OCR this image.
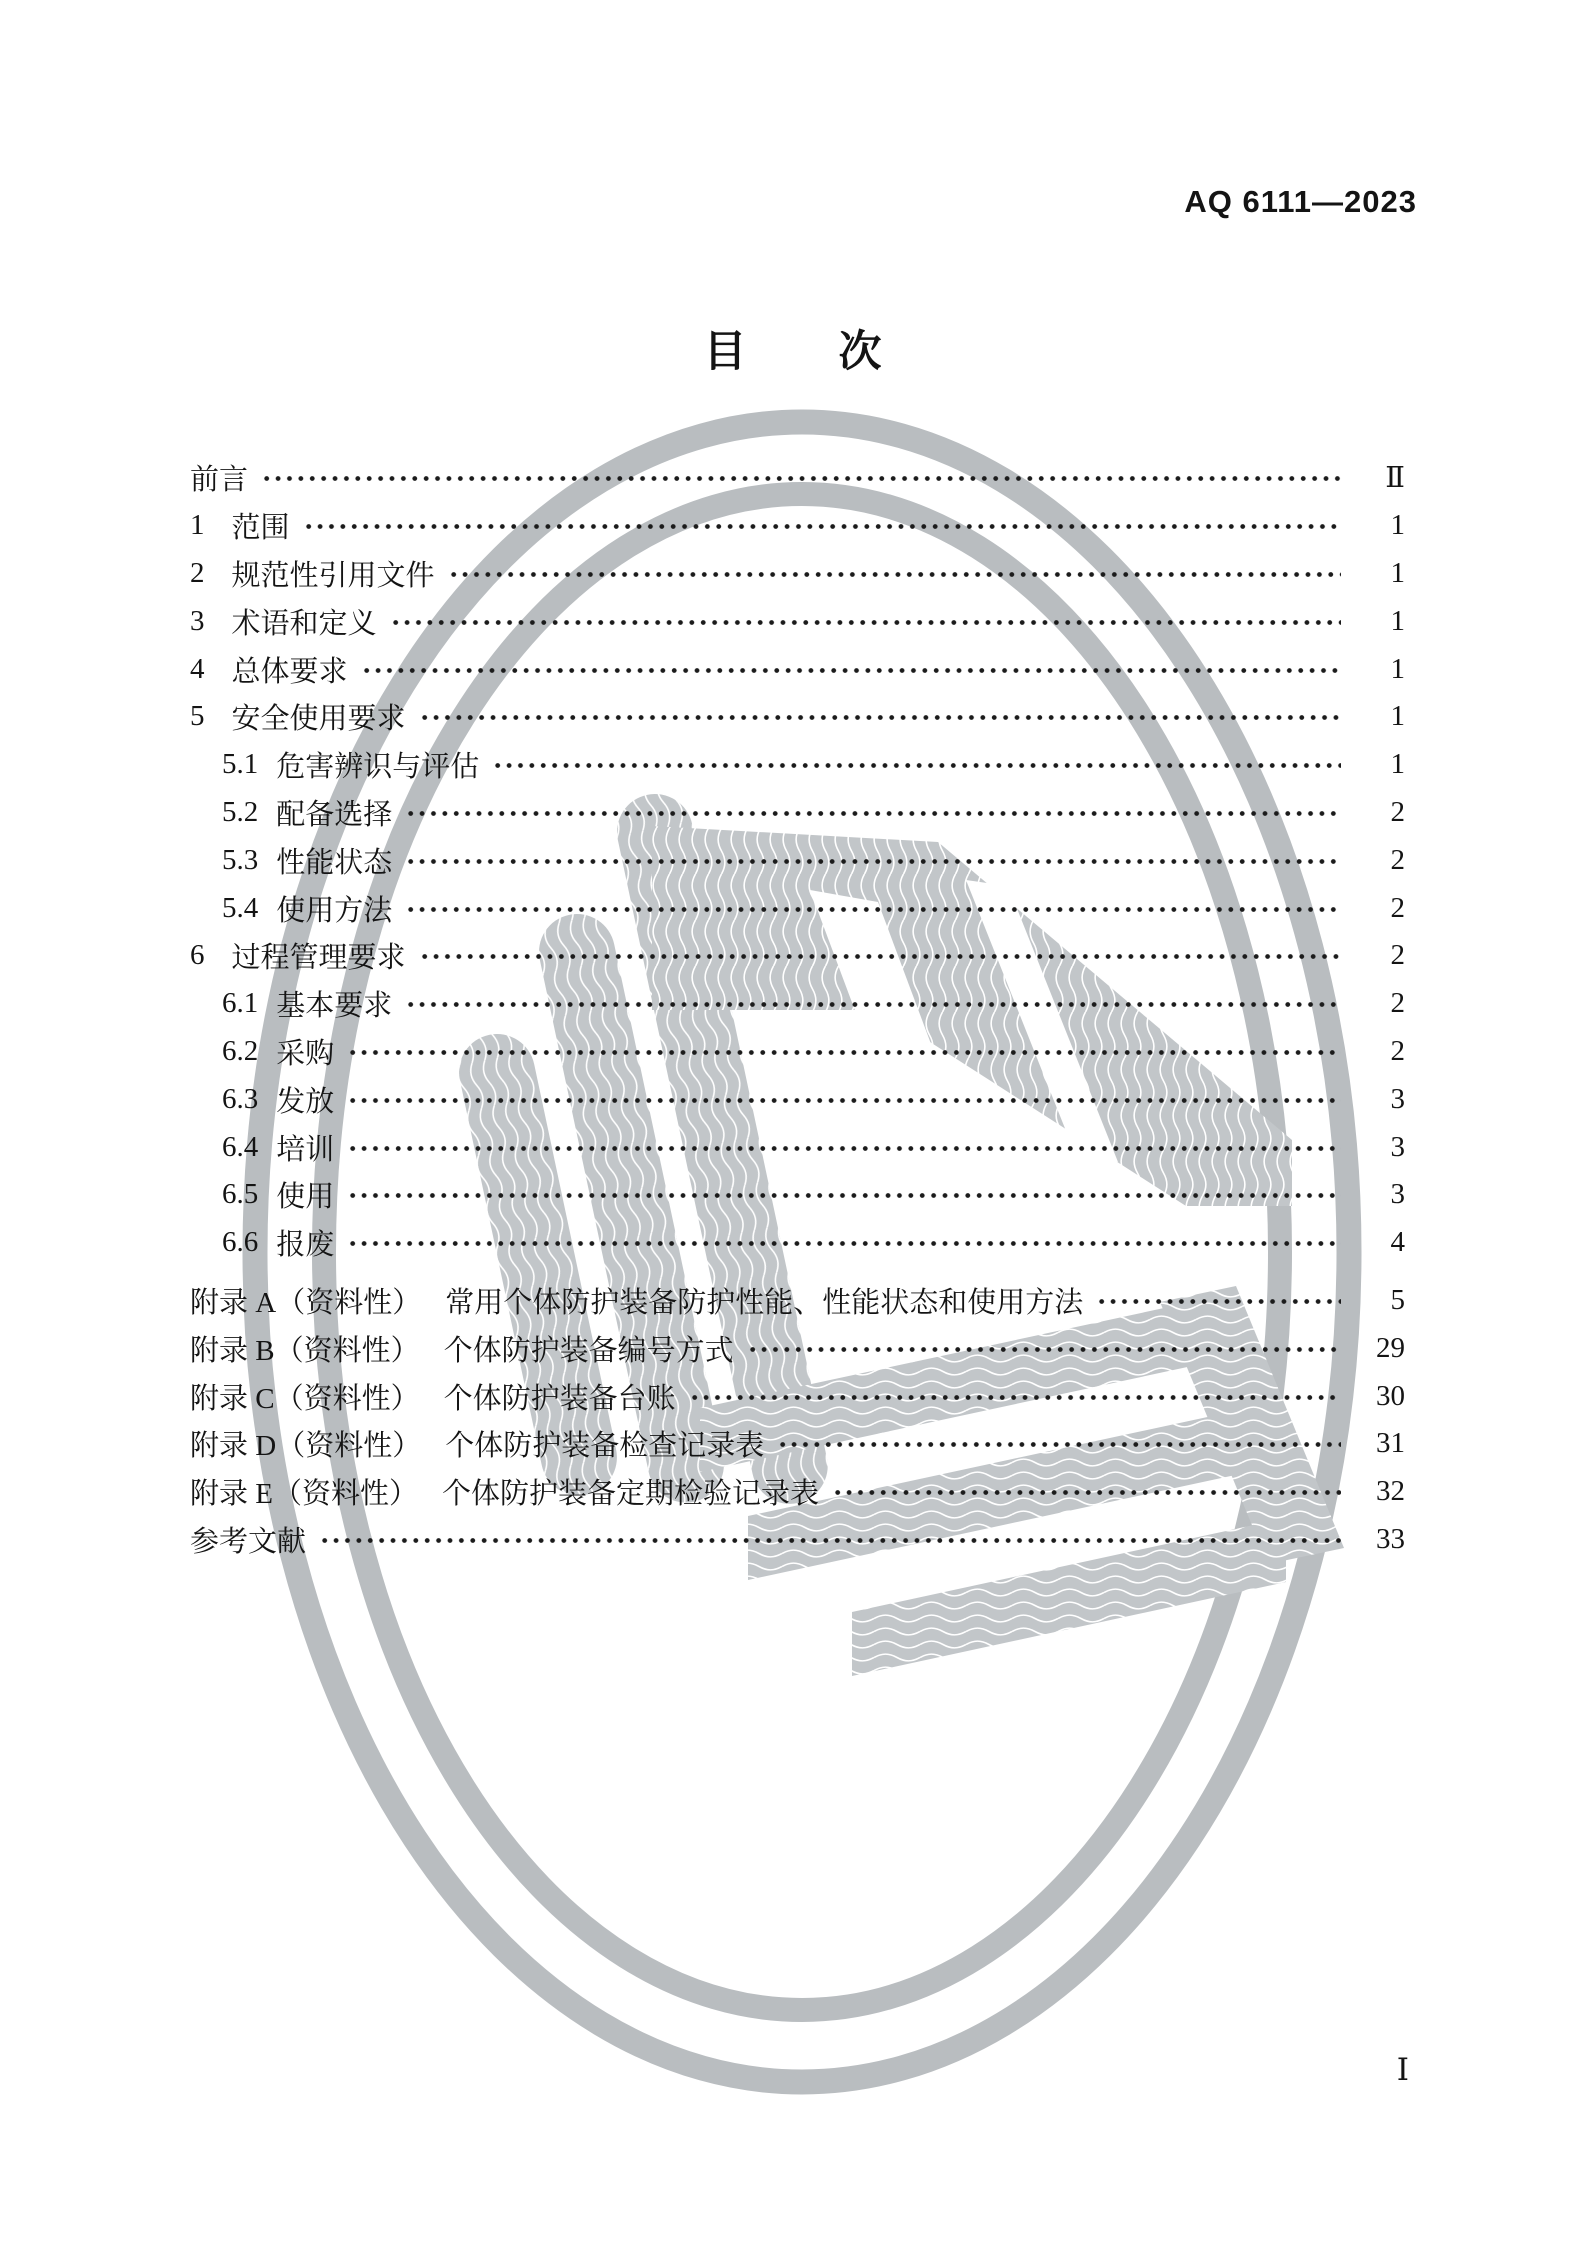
AQ 6111—2023
目　　次
前言	Ⅱ
1 范围	1
2 规范性引用文件	1
3 术语和定义	1
4 总体要求	1
5 安全使用要求	1
5.1 危害辨识与评估	1
5.2 配备选择	2
5.3 性能状态	2
5.4 使用方法	2
6 过程管理要求	2
6.1 基本要求	2
6.2 采购	2
6.3 发放	3
6.4 培训	3
6.5 使用	3
6.6 报废	4
附录 A（资料性） 常用个体防护装备防护性能、性能状态和使用方法	5
附录 B（资料性） 个体防护装备编号方式	29
附录 C（资料性） 个体防护装备台账	30
附录 D（资料性） 个体防护装备检查记录表	31
附录 E（资料性） 个体防护装备定期检验记录表	32
参考文献	33
Ⅰ
